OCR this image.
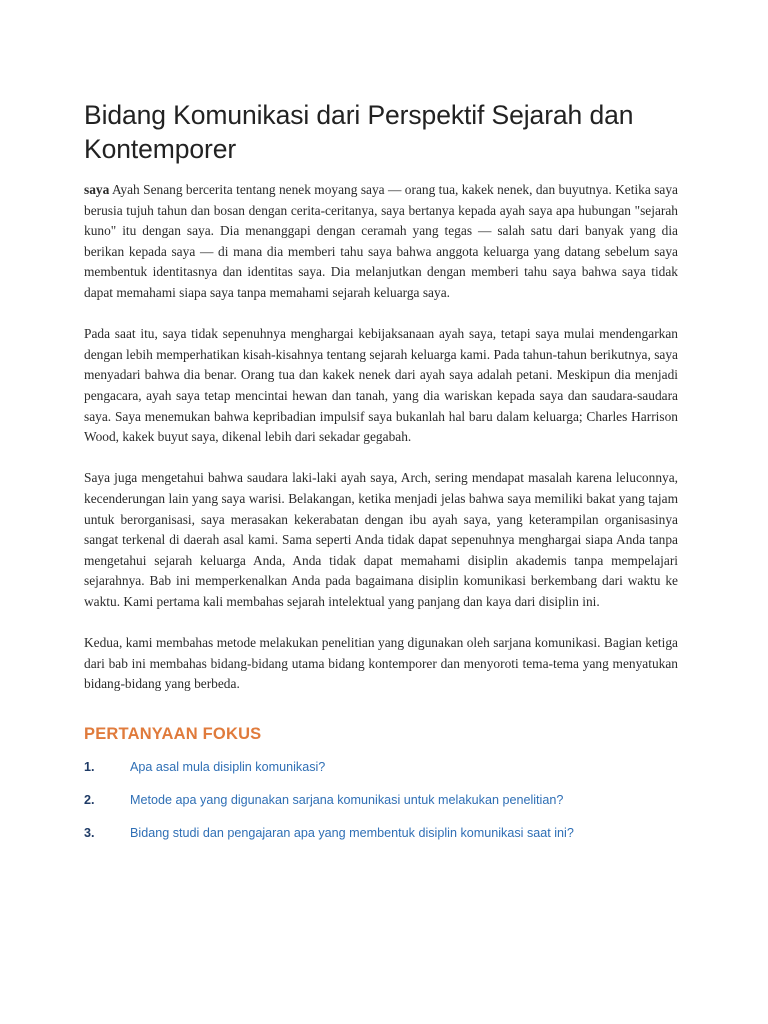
Bidang Komunikasi dari Perspektif Sejarah dan Kontemporer

saya Ayah Senang bercerita tentang nenek moyang saya — orang tua, kakek nenek, dan buyutnya. Ketika saya berusia tujuh tahun dan bosan dengan cerita-ceritanya, saya bertanya kepada ayah saya apa hubungan "sejarah kuno" itu dengan saya. Dia menanggapi dengan ceramah yang tegas — salah satu dari banyak yang dia berikan kepada saya — di mana dia memberi tahu saya bahwa anggota keluarga yang datang sebelum saya membentuk identitasnya dan identitas saya. Dia melanjutkan dengan memberi tahu saya bahwa saya tidak dapat memahami siapa saya tanpa memahami sejarah keluarga saya.

Pada saat itu, saya tidak sepenuhnya menghargai kebijaksanaan ayah saya, tetapi saya mulai mendengarkan dengan lebih memperhatikan kisah-kisahnya tentang sejarah keluarga kami. Pada tahun-tahun berikutnya, saya menyadari bahwa dia benar. Orang tua dan kakek nenek dari ayah saya adalah petani. Meskipun dia menjadi pengacara, ayah saya tetap mencintai hewan dan tanah, yang dia wariskan kepada saya dan saudara-saudara saya. Saya menemukan bahwa kepribadian impulsif saya bukanlah hal baru dalam keluarga; Charles Harrison Wood, kakek buyut saya, dikenal lebih dari sekadar gegabah.

Saya juga mengetahui bahwa saudara laki-laki ayah saya, Arch, sering mendapat masalah karena leluconnya, kecenderungan lain yang saya warisi. Belakangan, ketika menjadi jelas bahwa saya memiliki bakat yang tajam untuk berorganisasi, saya merasakan kekerabatan dengan ibu ayah saya, yang keterampilan organisasinya sangat terkenal di daerah asal kami. Sama seperti Anda tidak dapat sepenuhnya menghargai siapa Anda tanpa mengetahui sejarah keluarga Anda, Anda tidak dapat memahami disiplin akademis tanpa mempelajari sejarahnya. Bab ini memperkenalkan Anda pada bagaimana disiplin komunikasi berkembang dari waktu ke waktu. Kami pertama kali membahas sejarah intelektual yang panjang dan kaya dari disiplin ini.

Kedua, kami membahas metode melakukan penelitian yang digunakan oleh sarjana komunikasi. Bagian ketiga dari bab ini membahas bidang-bidang utama bidang kontemporer dan menyoroti tema-tema yang menyatukan bidang-bidang yang berbeda.

PERTANYAAN FOKUS
1.	Apa asal mula disiplin komunikasi?
2.	Metode apa yang digunakan sarjana komunikasi untuk melakukan penelitian?
3.	Bidang studi dan pengajaran apa yang membentuk disiplin komunikasi saat ini?
